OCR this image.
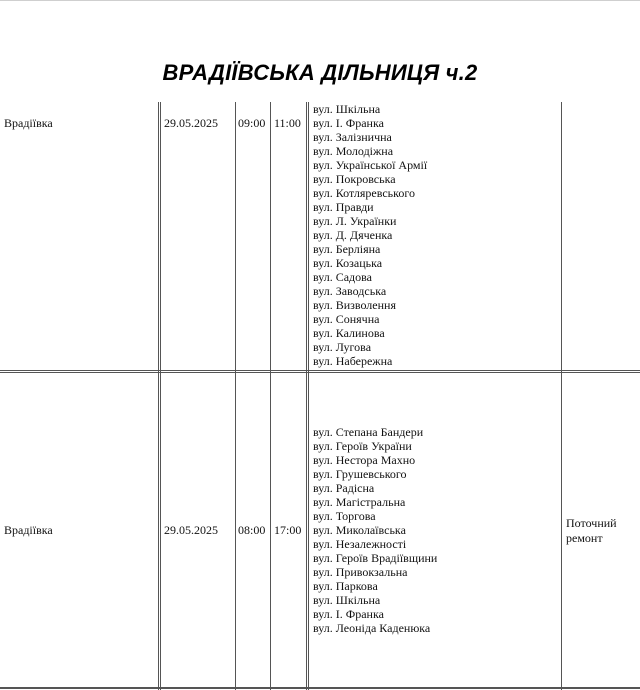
ВРАДІЇВСЬКА ДІЛЬНИЦЯ ч.2
Врадіївка	29.05.2025 09:00 11:00
вул. Шкільна
вул. І. Франка
вул. Залізнична
вул. Молодіжна
вул. Української Армії
вул. Покровська
вул. Котляревського
вул. Правди
вул. Л. Українки
вул. Д. Дяченка
вул. Берліяна
вул. Козацька
вул. Садова
вул. Заводська
вул. Визволення
вул. Сонячна
вул. Калинова
вул. Лугова
вул. Набережна
Врадіївка	29.05.2025 08:00 17:00
вул. Степана Бандери
вул. Героїв України
вул. Нестора Махно
вул. Грушевського
вул. Радісна
вул. Магістральна
вул. Торгова
вул. Миколаївська
вул. Незалежності
вул. Героїв Врадіївщини
вул. Привокзальна
вул. Паркова
вул. Шкільна
вул. І. Франка
вул. Леоніда Каденюка
Поточний
ремонт
